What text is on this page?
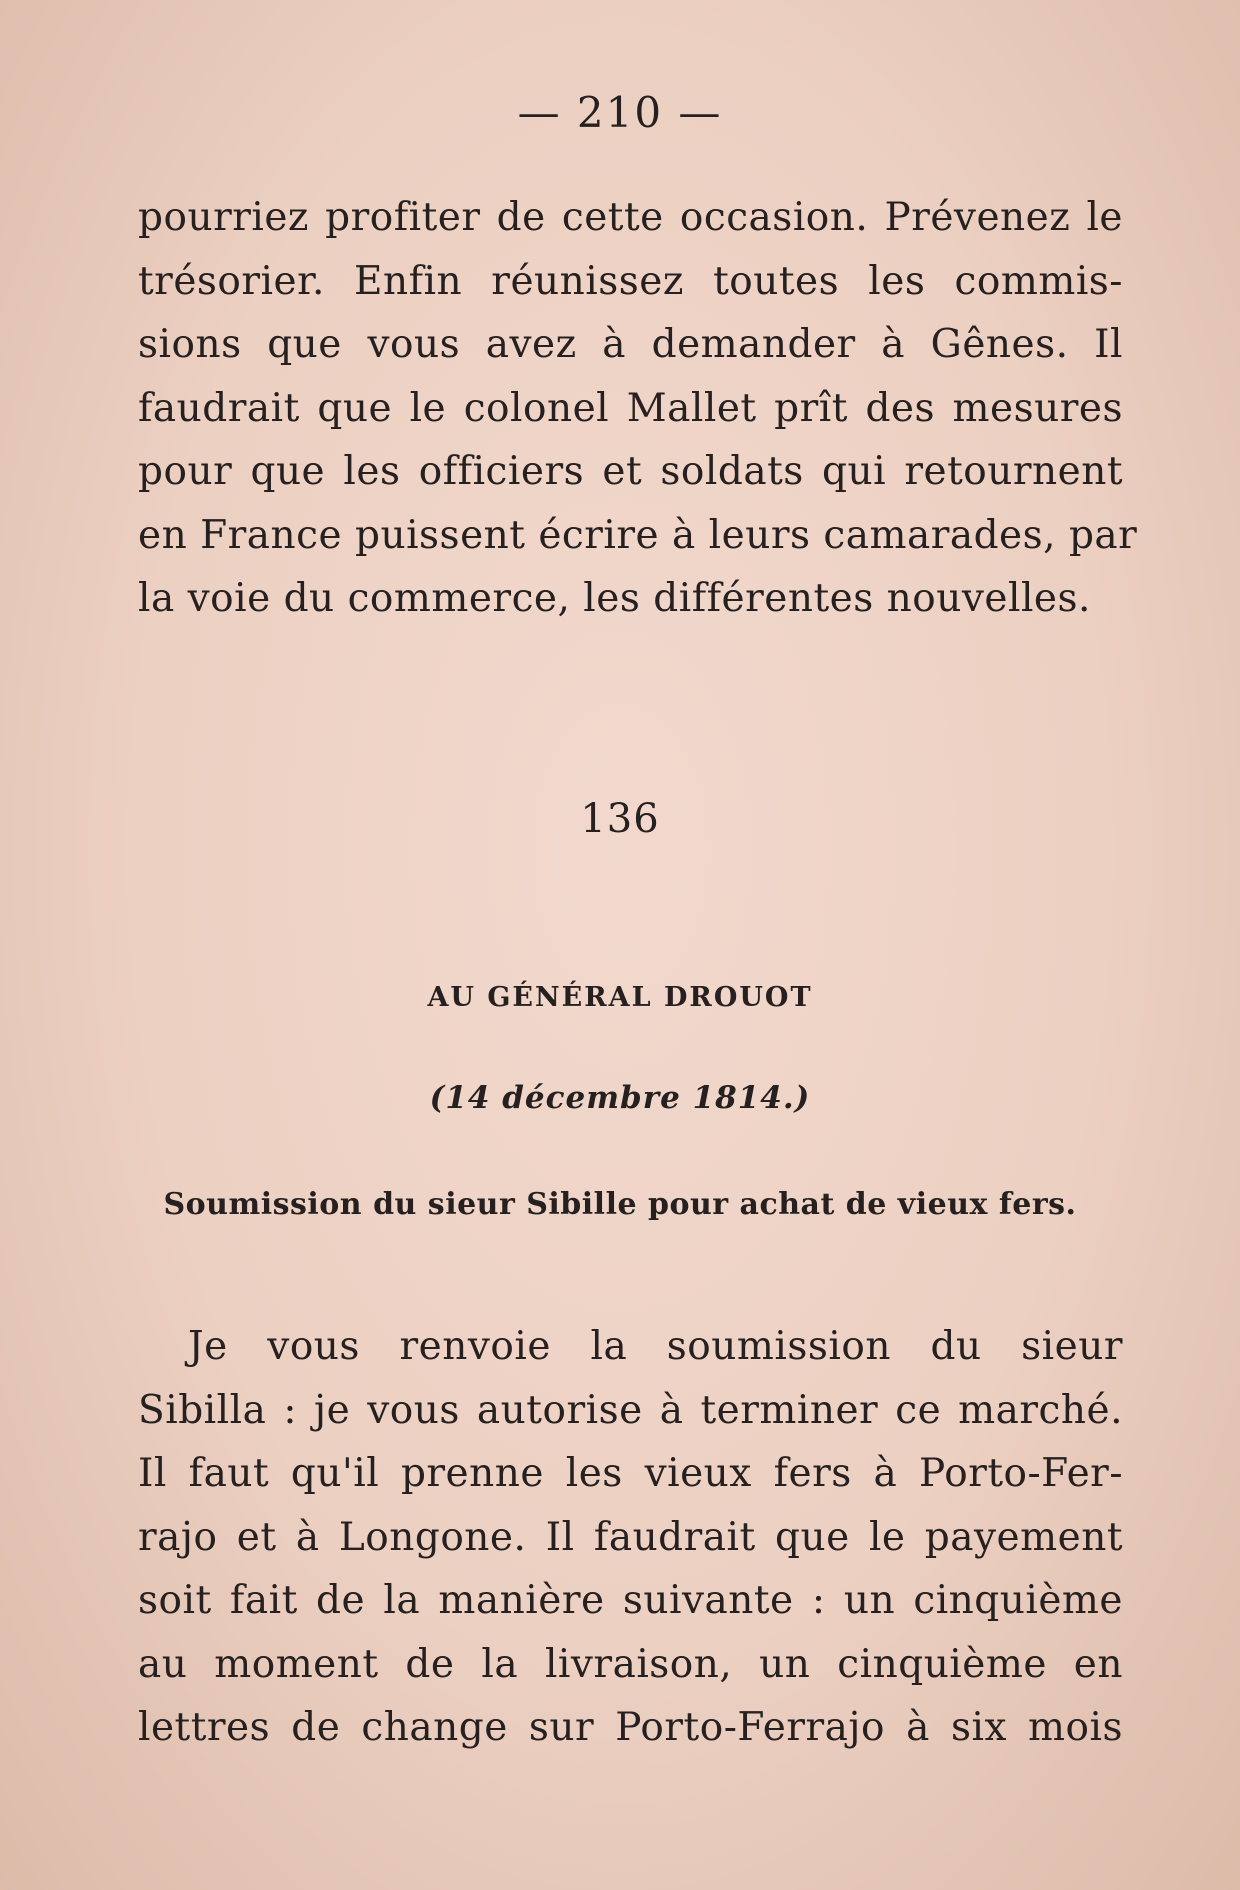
— 210 —
pourriez profiter de cette occasion. Prévenez le
trésorier. Enfin réunissez toutes les commis-
sions que vous avez à demander à Gênes. Il
faudrait que le colonel Mallet prît des mesures
pour que les officiers et soldats qui retournent
en France puissent écrire à leurs camarades, par
la voie du commerce, les différentes nouvelles.
136
AU GÉNÉRAL DROUOT
(14 décembre 1814.)
Soumission du sieur Sibille pour achat de vieux fers.
Je vous renvoie la soumission du sieur
Sibilla : je vous autorise à terminer ce marché.
Il faut qu'il prenne les vieux fers à Porto-Fer-
rajo et à Longone. Il faudrait que le payement
soit fait de la manière suivante : un cinquième
au moment de la livraison, un cinquième en
lettres de change sur Porto-Ferrajo à six mois
